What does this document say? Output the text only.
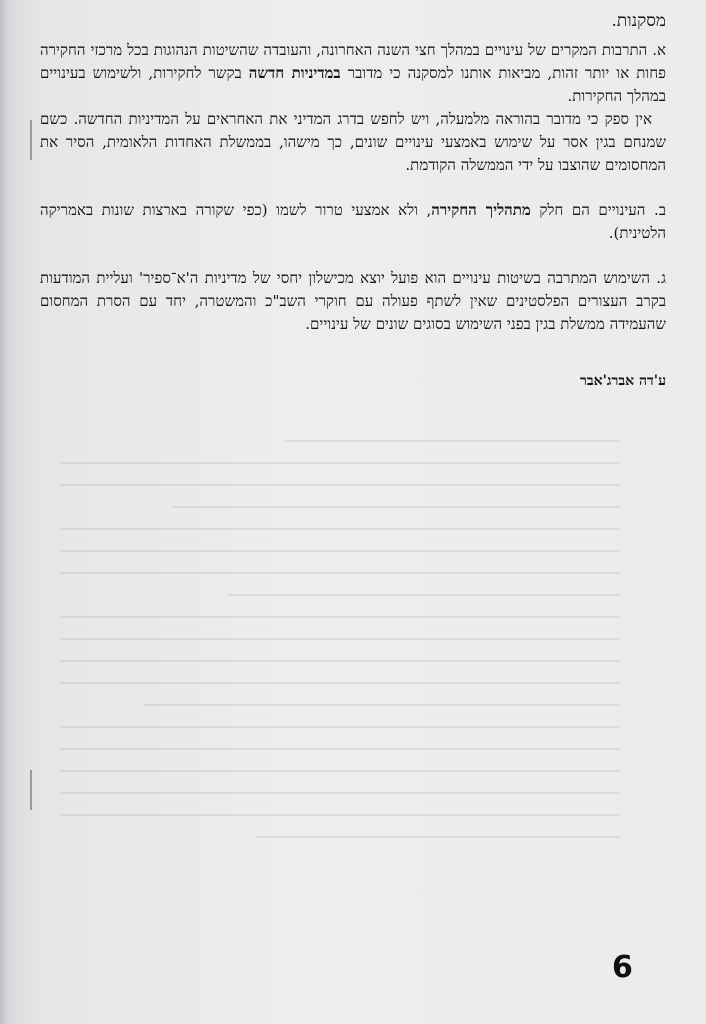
מסקנות.

א. התרבות המקרים של עינויים במהלך חצי השנה האחרונה, והעובדה שהשיטות הנהוגות בכל מרכזי החקירה פחות או יותר זהות, מביאות אותנו למסקנה כי מדובר במדיניות חדשה בקשר לחקירות, ולשימוש בעינויים במהלך החקירות.

אין ספק כי מדובר בהוראה מלמעלה, ויש לחפש בדרג המדיני את האחראים על המדיניות החדשה. כשם שמנחם בגין אסר על שימוש באמצעי עינויים שונים, כך מישהו, בממשלת האחדות הלאומית, הסיר את המחסומים שהוצבו על ידי הממשלה הקודמת.

ב. העינויים הם חלק מתהליך החקירה, ולא אמצעי טרור לשמו (כפי שקורה בארצות שונות באמריקה הלטינית).

ג. השימוש המתרבה בשיטות עינויים הוא פועל יוצא מכישלון יחסי של מדיניות ה'א־ספיר' ועליית המודעות בקרב העצורים הפלסטינים שאין לשתף פעולה עם חוקרי השב"כ והמשטרה, יחד עם הסרת המחסום שהעמידה ממשלת בגין בפני השימוש בסוגים שונים של עינויים.

ע'דה אברג'אבר
6
